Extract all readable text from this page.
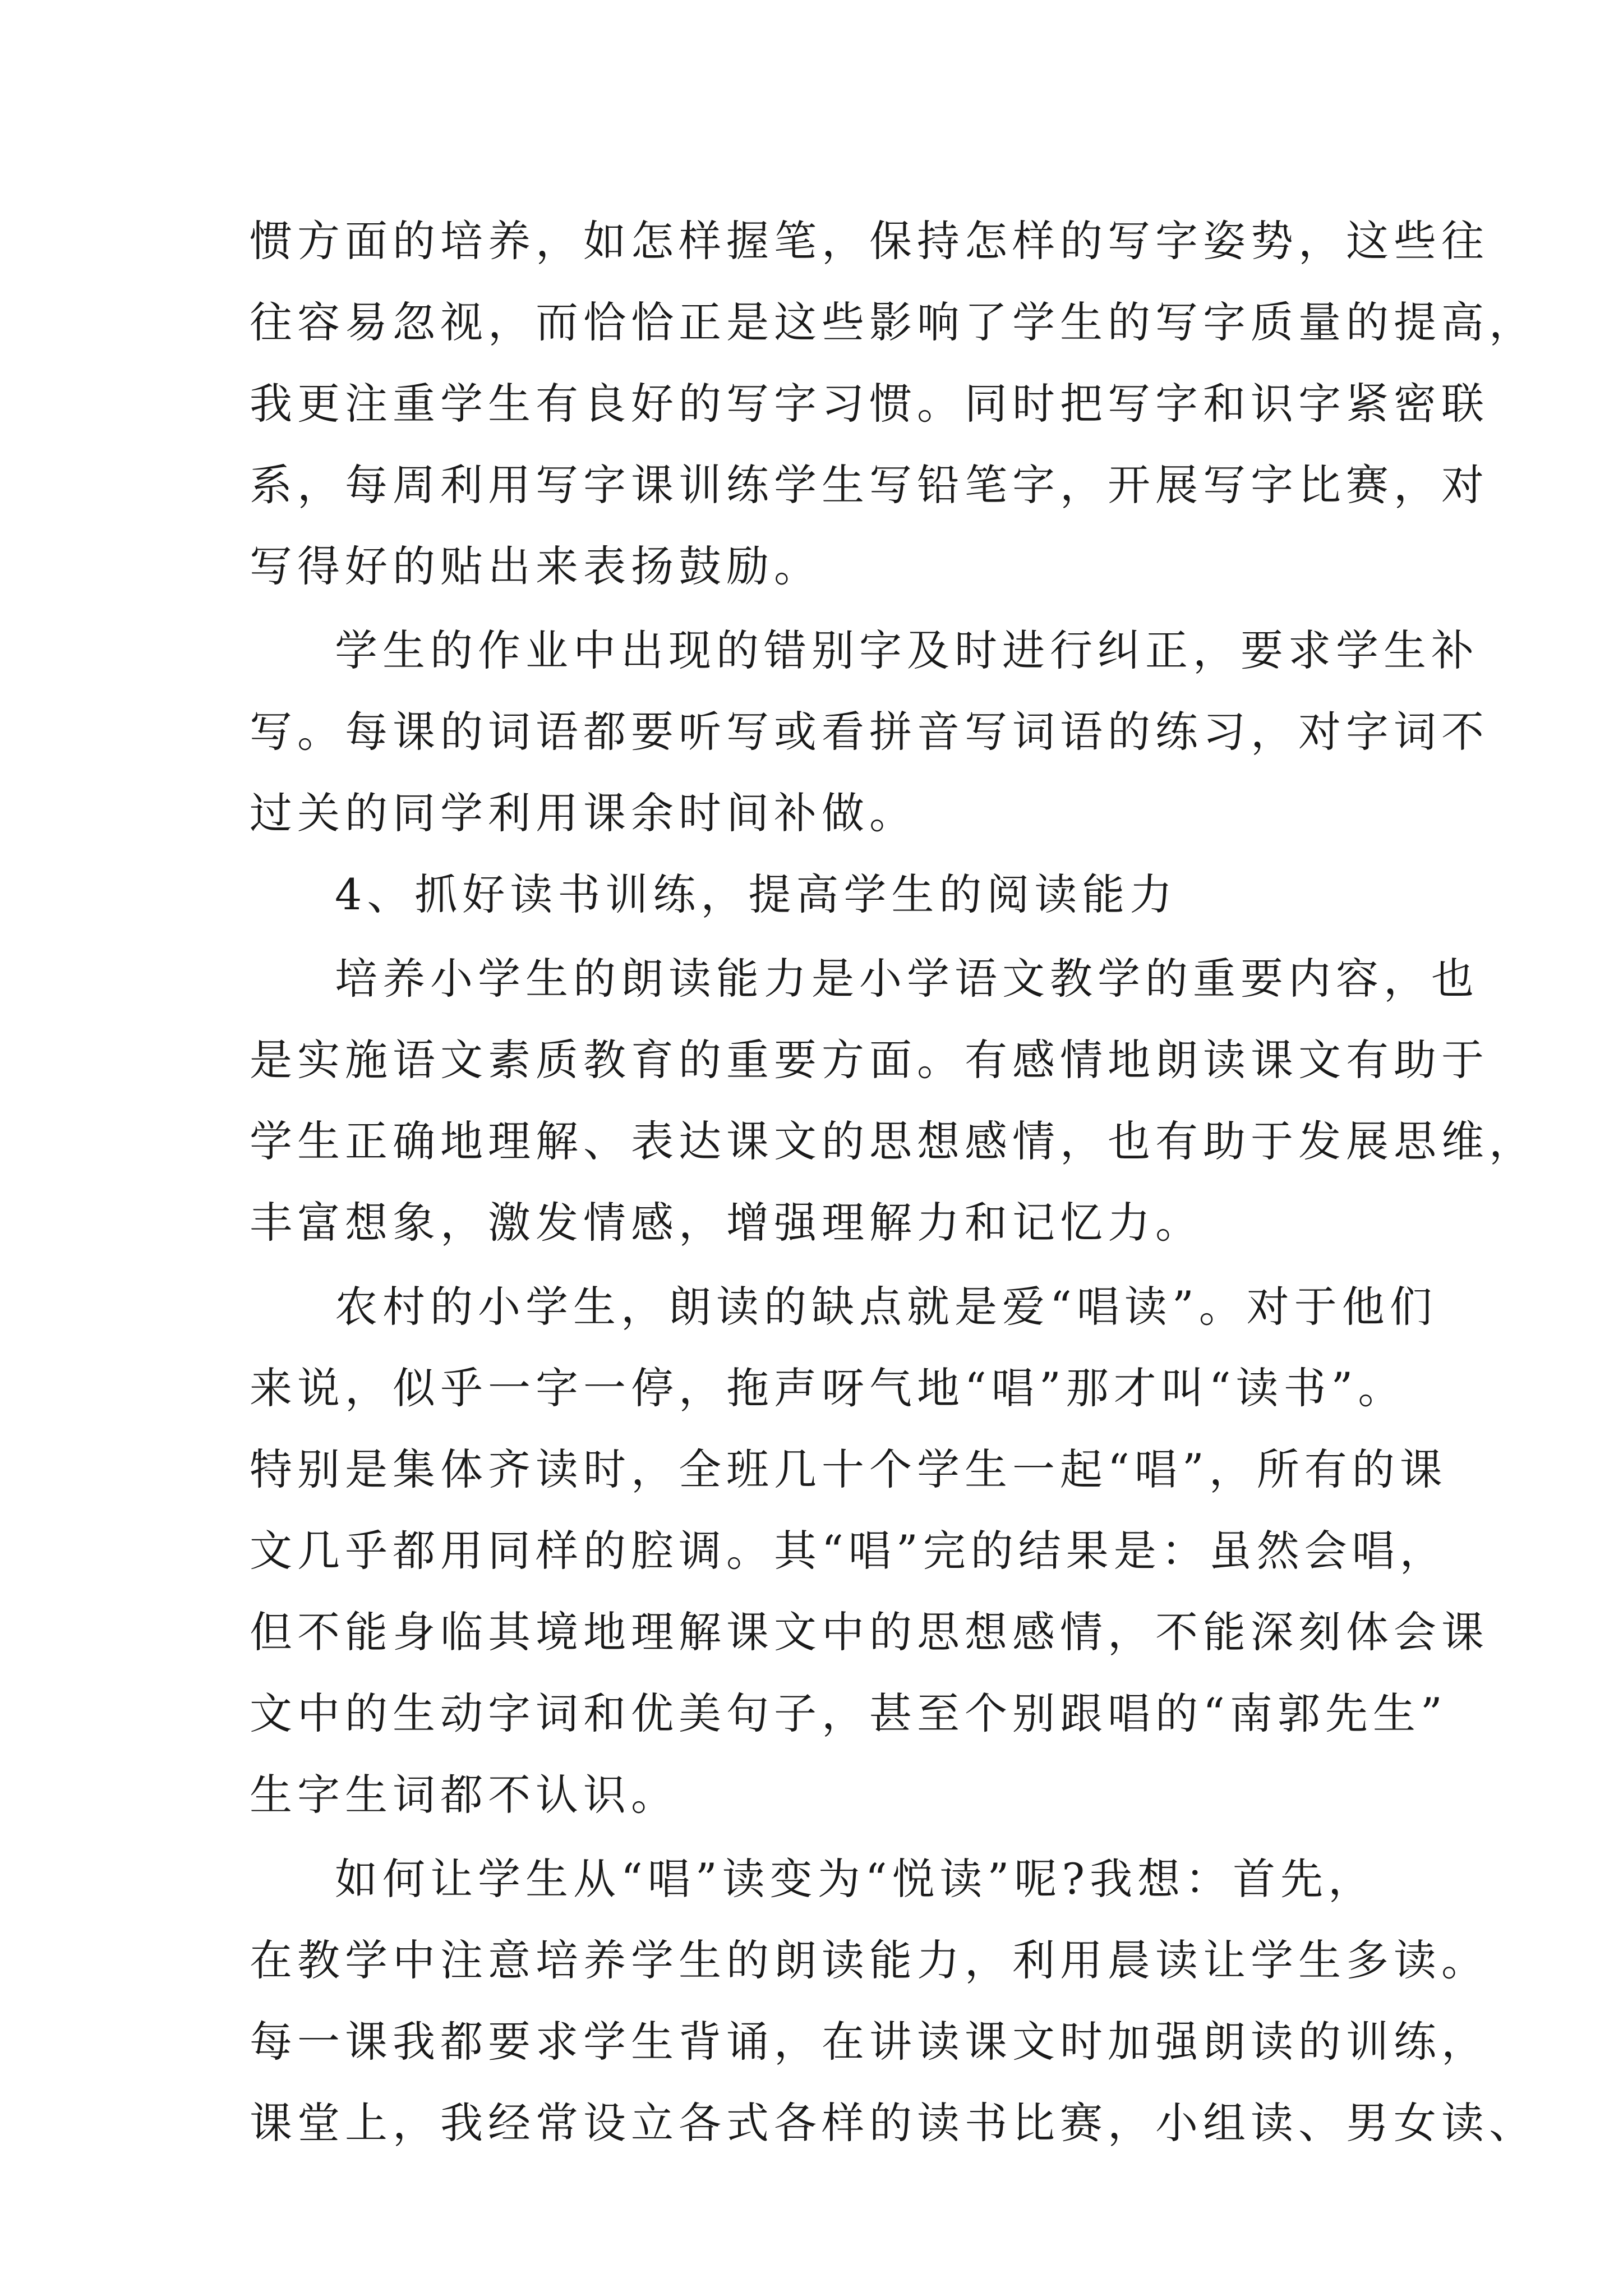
惯方面的培养，如怎样握笔，保持怎样的写字姿势，这些往
往容易忽视，而恰恰正是这些影响了学生的写字质量的提高，
我更注重学生有良好的写字习惯。同时把写字和识字紧密联
系，每周利用写字课训练学生写铅笔字，开展写字比赛，对
写得好的贴出来表扬鼓励。
学生的作业中出现的错别字及时进行纠正，要求学生补
写。每课的词语都要听写或看拼音写词语的练习，对字词不
过关的同学利用课余时间补做。
4、抓好读书训练，提高学生的阅读能力
培养小学生的朗读能力是小学语文教学的重要内容，也
是实施语文素质教育的重要方面。有感情地朗读课文有助于
学生正确地理解、表达课文的思想感情，也有助于发展思维，
丰富想象，激发情感，增强理解力和记忆力。
农村的小学生，朗读的缺点就是爱“唱读”。对于他们
来说，似乎一字一停，拖声呀气地“唱”那才叫“读书”。
特别是集体齐读时，全班几十个学生一起“唱”，所有的课
文几乎都用同样的腔调。其“唱”完的结果是：虽然会唱，
但不能身临其境地理解课文中的思想感情，不能深刻体会课
文中的生动字词和优美句子，甚至个别跟唱的“南郭先生”
生字生词都不认识。
如何让学生从“唱”读变为“悦读”呢?我想：首先，
在教学中注意培养学生的朗读能力，利用晨读让学生多读。
每一课我都要求学生背诵，在讲读课文时加强朗读的训练，
课堂上，我经常设立各式各样的读书比赛，小组读、男女读、
